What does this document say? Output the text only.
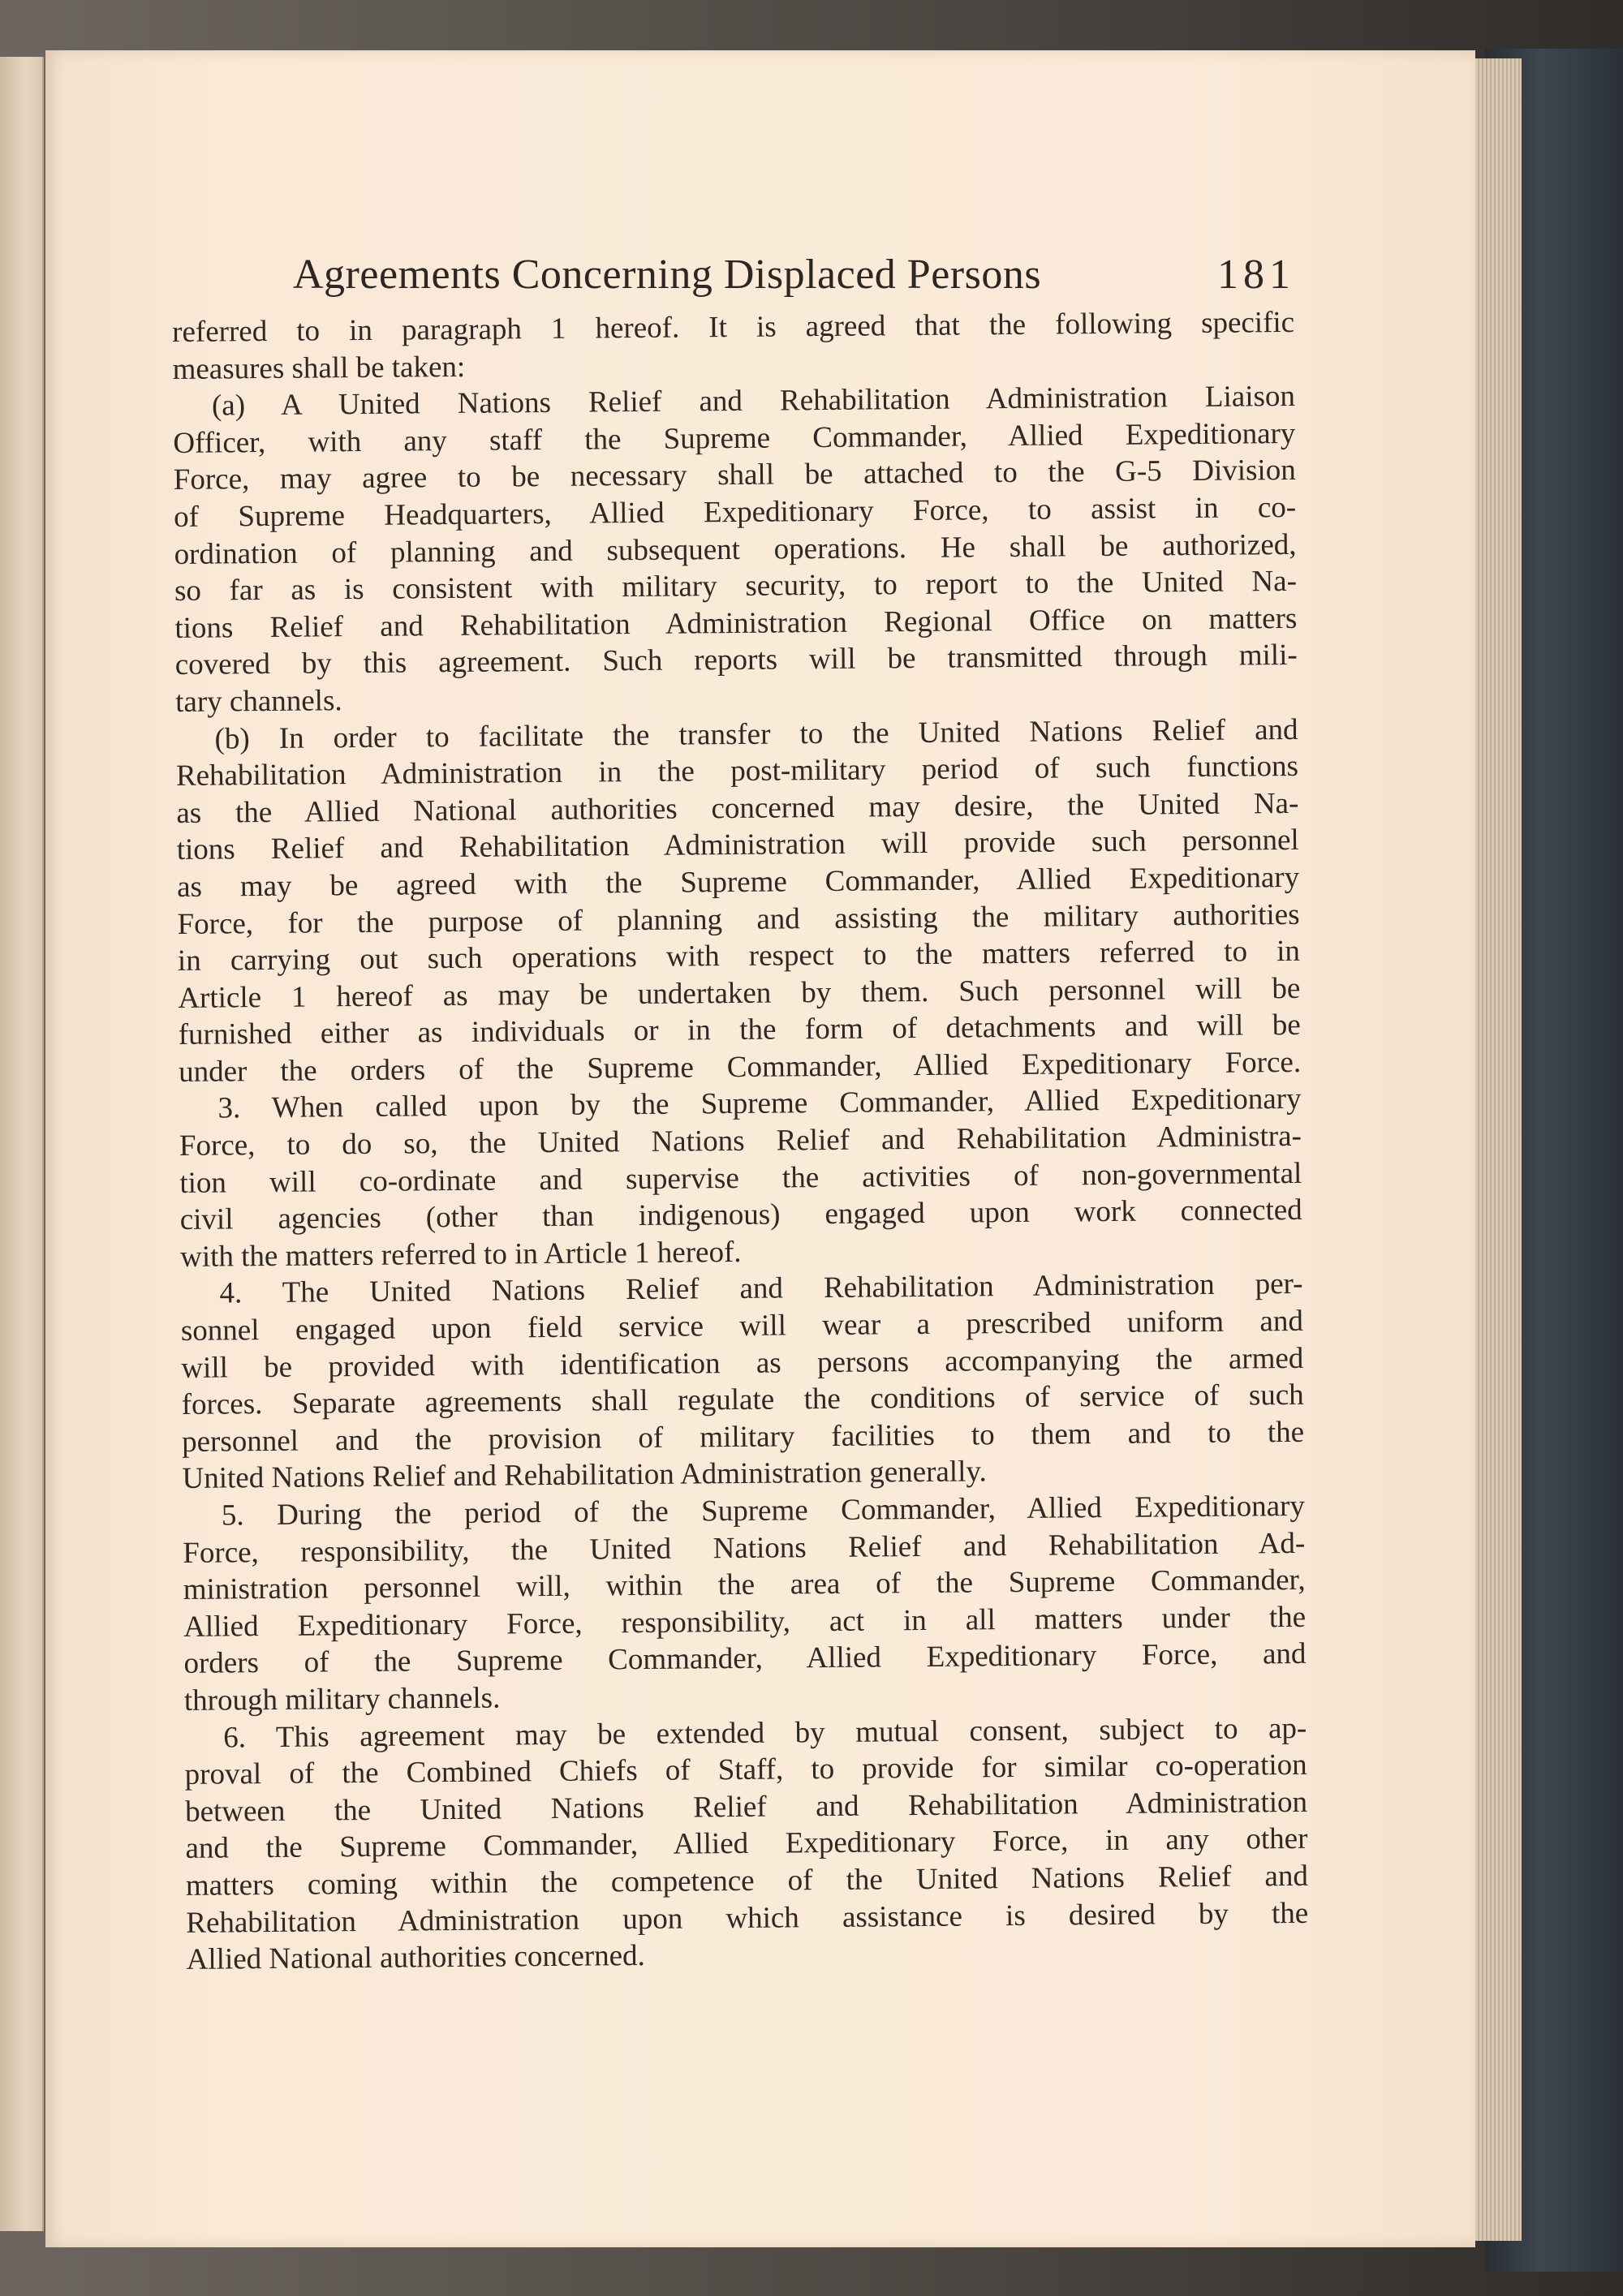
Agreements Concerning Displaced Persons	181
referred to in paragraph 1 hereof. It is agreed that the following specific
measures shall be taken:
(a) A United Nations Relief and Rehabilitation Administration Liaison
Officer, with any staff the Supreme Commander, Allied Expeditionary
Force, may agree to be necessary shall be attached to the G-5 Division
of Supreme Headquarters, Allied Expeditionary Force, to assist in co-
ordination of planning and subsequent operations. He shall be authorized,
so far as is consistent with military security, to report to the United Na-
tions Relief and Rehabilitation Administration Regional Office on matters
covered by this agreement. Such reports will be transmitted through mili-
tary channels.
(b) In order to facilitate the transfer to the United Nations Relief and
Rehabilitation Administration in the post-military period of such functions
as the Allied National authorities concerned may desire, the United Na-
tions Relief and Rehabilitation Administration will provide such personnel
as may be agreed with the Supreme Commander, Allied Expeditionary
Force, for the purpose of planning and assisting the military authorities
in carrying out such operations with respect to the matters referred to in
Article 1 hereof as may be undertaken by them. Such personnel will be
furnished either as individuals or in the form of detachments and will be
under the orders of the Supreme Commander, Allied Expeditionary Force.
3. When called upon by the Supreme Commander, Allied Expeditionary
Force, to do so, the United Nations Relief and Rehabilitation Administra-
tion will co-ordinate and supervise the activities of non-governmental
civil agencies (other than indigenous) engaged upon work connected
with the matters referred to in Article 1 hereof.
4. The United Nations Relief and Rehabilitation Administration per-
sonnel engaged upon field service will wear a prescribed uniform and
will be provided with identification as persons accompanying the armed
forces. Separate agreements shall regulate the conditions of service of such
personnel and the provision of military facilities to them and to the
United Nations Relief and Rehabilitation Administration generally.
5. During the period of the Supreme Commander, Allied Expeditionary
Force, responsibility, the United Nations Relief and Rehabilitation Ad-
ministration personnel will, within the area of the Supreme Commander,
Allied Expeditionary Force, responsibility, act in all matters under the
orders of the Supreme Commander, Allied Expeditionary Force, and
through military channels.
6. This agreement may be extended by mutual consent, subject to ap-
proval of the Combined Chiefs of Staff, to provide for similar co-operation
between the United Nations Relief and Rehabilitation Administration
and the Supreme Commander, Allied Expeditionary Force, in any other
matters coming within the competence of the United Nations Relief and
Rehabilitation Administration upon which assistance is desired by the
Allied National authorities concerned.
